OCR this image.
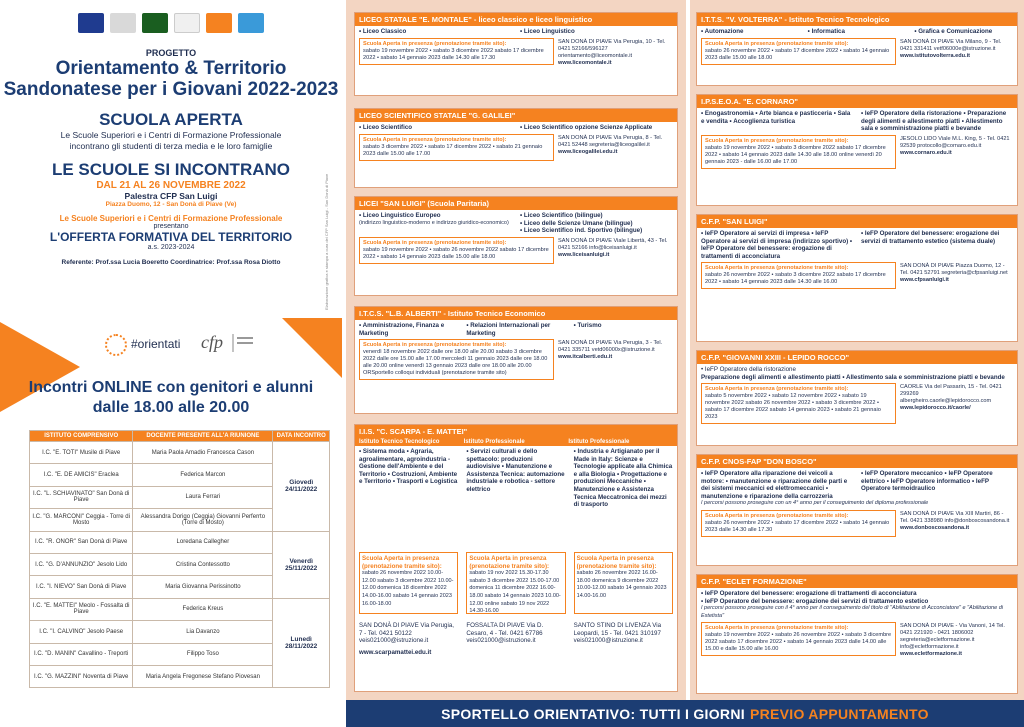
PROGETTO
Orientamento & Territorio
Sandonatese per i Giovani 2022-2023
SCUOLA APERTA
Le Scuole Superiori e i Centri di Formazione Professionale
incontrano gli studenti di terza media e le loro famiglie
LE SCUOLE SI INCONTRANO
DAL 21 AL 26 NOVEMBRE 2022
Palestra CFP San Luigi
Piazza Duomo, 12 - San Donà di Piave (Ve)
Le Scuole Superiori e i Centri di Formazione Professionale
presentano
L'OFFERTA FORMATIVA DEL TERRITORIO
a.s. 2023-2024
Referente: Prof.ssa Lucia Boeretto Coordinatrice: Prof.ssa Rosa Diotto	Elaborazione grafica e stampa a cura del CFP San Luigi - San Donà di Piave
#orientati cfp
Incontri ONLINE con genitori e alunni
dalle 18.00 alle 20.00
ISTITUTO COMPRENSIVO	DOCENTE PRESENTE ALL'A RIUNIONE	DATA INCONTRO
I.C. "E. TOTI" Musile di Piave	Maria Paola Amadio Francesca Cason	Giovedì 24/11/2022
I.C. "E. DE AMICIS" Eraclea	Federica Marcon	
I.C. "L. SCHIAVINATO" San Donà di Piave	Laura Ferrari	
I.C. "G. MARCONI" Ceggia - Torre di Mosto	Alessandra Dorigo (Ceggia) Giovanni Perferrto (Torre di Mosto)	
I.C. "R. ONOR" San Donà di Piave	Loredana Callegher	Venerdì 25/11/2022
I.C. "G. D'ANNUNZIO" Jesolo Lido	Cristina Contessotto	
I.C. "I. NIEVO" San Donà di Piave	Maria Giovanna Perissinotto	
I.C. "E. MATTEI" Meolo - Fossalta di Piave	Federica Kreus	Lunedì 28/11/2022
I.C. "I. CALVINO" Jesolo Paese	Lia Davanzo	
I.C. "D. MANIN" Cavallino - Treporti	Filippo Toso	
I.C. "G. MAZZINI" Noventa di Piave	Maria Angela Fregonese Stefano Piovesan	
LICEO STATALE "E. MONTALE" - liceo classico e liceo linguistico
• Liceo Classico	• Liceo Linguistico
Scuola Aperta in presenza (prenotazione tramite sito):
sabato 19 novembre 2022 • sabato 3 dicembre 2022 sabato 17 dicembre 2022 • sabato 14 gennaio 2023 dalle 14.30 alle 17.30
SAN DONÀ DI PIAVE Via Perugia, 10 - Tel. 0421 52166/596127 orientamento@liceomontale.it
www.liceomontale.it
LICEO SCIENTIFICO STATALE "G. GALILEI"
• Liceo Scientifico	• Liceo Scientifico opzione Scienze Applicate
Scuola Aperta in presenza (prenotazione tramite sito):
sabato 3 dicembre 2022 • sabato 17 dicembre 2022 • sabato 21 gennaio 2023 dalle 15.00 alle 17.00
SAN DONÀ DI PIAVE Via Perugia, 8 - Tel. 0421 52448 segreteria@liceogalilei.it
www.liceogalilei.edu.it
LICEI "SAN LUIGI" (Scuola Paritaria)
• Liceo Linguistico Europeo
(indirizzo linguistico-moderno e indirizzo giuridico-economico)
• Liceo Scientifico (bilingue)
• Liceo delle Scienze Umane (bilingue)
• Liceo Scientifico ind. Sportivo (bilingue)
Scuola Aperta in presenza (prenotazione tramite sito):
sabato 19 novembre 2022 • sabato 26 novembre 2022 sabato 17 dicembre 2022 • sabato 14 gennaio 2023 dalle 15.00 alle 18.00
SAN DONÀ DI PIAVE Viale Libertà, 43 - Tel. 0421 52166 info@liceisanluigi.it
www.liceisanluigi.it
I.T.C.S. "L.B. ALBERTI" - Istituto Tecnico Economico
• Amministrazione, Finanza e Marketing
• Relazioni Internazionali per Marketing
• Turismo
Scuola Aperta in presenza (prenotazione tramite sito):
venerdì 18 novembre 2022 dalle ore 18.00 alle 20.00 sabato 3 dicembre 2022 dalle ore 15.00 alle 17.00 mercoledì 11 gennaio 2023 dalle ore 18.00 alle 20.00 online venerdì 13 gennaio 2023 dalle ore 18.00 alle 20.00 ORSportello colloqui individuali (prenotazione tramite sito)
SAN DONÀ DI PIAVE Via Perugia, 3 - Tel. 0421 335711 vetd06000x@istruzione.it
www.itcalberti.edu.it
I.I.S. "C. SCARPA - E. MATTEI"
Istituto Tecnico Tecnologico	Istituto Professionale	Istituto Professionale
• Sistema moda • Agraria, agroalimentare, agroindustria - Gestione dell'Ambiente e del Territorio • Costruzioni, Ambiente e Territorio • Trasporti e Logistica
• Servizi culturali e dello spettacolo: produzioni audiovisive • Manutenzione e Assistenza Tecnica: automazione industriale e robotica - settore elettrico
• Industria e Artigianato per il Made in Italy: Scienze e Tecnologie applicate alla Chimica e alla Biologia • Progettazione e produzioni Meccaniche • Manutenzione e Assistenza Tecnica Meccatronica dei mezzi di trasporto
Scuola Aperta in presenza (prenotazione tramite sito):
sabato 26 novembre 2022 10.00-12.00 sabato 3 dicembre 2022 10.00-12.00 domenica 18 dicembre 2022 14.00-16.00 sabato 14 gennaio 2023 16.00-18.00
Scuola Aperta in presenza (prenotazione tramite sito):
sabato 19 nov 2022 15.30-17.30 sabato 3 dicembre 2022 15.00-17.00 domenica 11 dicembre 2022 16.00-18.00 sabato 14 gennaio 2023 10.00-12.00 online sabato 19 nov 2022 14.30-16.00
Scuola Aperta in presenza (prenotazione tramite sito):
sabato 26 novembre 2022 16.00-18.00 domenica 9 dicembre 2022 10.00-12.00 sabato 14 gennaio 2023 14.00-16.00
SAN DONÀ DI PIAVE Via Perugia, 7 - Tel. 0421 50122 veis021000@istruzione.it
FOSSALTA DI PIAVE Via D. Cesaro, 4 - Tel. 0421 67786 veis021000@istruzione.it
SANTO STINO DI LIVENZA Via Leopardi, 15 - Tel. 0421 310197 veis021000@istruzione.it
www.scarpamattei.edu.it
I.T.T.S. "V. VOLTERRA" - Istituto Tecnico Tecnologico
• Automazione	• Informatica	• Grafica e Comunicazione
Scuola Aperta in presenza (prenotazione tramite sito):
sabato 26 novembre 2022 • sabato 17 dicembre 2022 • sabato 14 gennaio 2023 dalle 15.00 alle 18.00
SAN DONÀ DI PIAVE Via Milano, 9 - Tel. 0421 331411 vetf06000e@istruzione.it
www.istitutovolterra.edu.it
I.P.S.E.O.A. "E. CORNARO"
• Enogastronomia • Arte bianca e pasticceria • Sala e vendita • Accoglienza turistica
• IeFP Operatore della ristorazione • Preparazione degli alimenti e allestimento piatti • Allestimento sala e somministrazione piatti e bevande
Scuola Aperta in presenza (prenotazione tramite sito):
sabato 19 novembre 2022 • sabato 3 dicembre 2022 sabato 17 dicembre 2022 • sabato 14 gennaio 2023 dalle 14.30 alle 18.00 online venerdì 20 gennaio 2023 - dalle 16.00 alle 17.00
JESOLO LIDO Viale M.L. King, 5 - Tel. 0421 92539 protocollo@cornaro.edu.it
www.cornaro.edu.it
C.F.P. "SAN LUIGI"
• IeFP Operatore ai servizi di impresa • IeFP Operatore ai servizi di impresa (indirizzo sportivo) • IeFP Operatore del benessere: erogazione di trattamenti di acconciatura
• IeFP Operatore del benessere: erogazione dei servizi di trattamento estetico (sistema duale)
Scuola Aperta in presenza (prenotazione tramite sito):
sabato 26 novembre 2022 • sabato 3 dicembre 2022 sabato 17 dicembre 2022 • sabato 14 gennaio 2023 dalle 14.30 alle 16.00
SAN DONÀ DI PIAVE Piazza Duomo, 12 - Tel. 0421 52791 segreteria@cfpsanluigi.net
www.cfpsanluigi.it
C.F.P. "GIOVANNI XXIII - LEPIDO ROCCO"
• IeFP Operatore della ristorazione
Preparazione degli alimenti e allestimento piatti • Allestimento sala e somministrazione piatti e bevande
Scuola Aperta in presenza (prenotazione tramite sito):
sabato 5 novembre 2022 • sabato 12 novembre 2022 • sabato 19 novembre 2022 sabato 26 novembre 2022 • sabato 3 dicembre 2022 • sabato 17 dicembre 2022 sabato 14 gennaio 2023 • sabato 21 gennaio 2023
CAORLE Via del Passarin, 15 - Tel. 0421 299269 albergheiro.caorle@lepidorocco.com
www.lepidorocco.it/caorle/
C.F.P. CNOS-FAP "DON BOSCO"
• IeFP Operatore alla riparazione dei veicoli a motore: • manutenzione e riparazione delle parti e dei sistemi meccanici ed elettromeccanici • manutenzione e riparazione della carrozzeria
• IeFP Operatore meccanico • IeFP Operatore elettrico • IeFP Operatore informatico • IeFP Operatore termoidraulico
I percorsi possono proseguire con un 4° anno per il conseguimento del diploma professionale
Scuola Aperta in presenza (prenotazione tramite sito):
sabato 26 novembre 2022 • sabato 17 dicembre 2022 • sabato 14 gennaio 2023 dalle 14.30 alle 17.30
SAN DONÀ DI PIAVE Via XIII Martiri, 86 - Tel. 0421 338980 info@donboscosandona.it
www.donboscosandona.it
C.F.P. "ECLET FORMAZIONE"
• IeFP Operatore del benessere: erogazione di trattamenti di acconciatura
• IeFP Operatore del benessere: erogazione dei servizi di trattamento estetico
I percorsi possono proseguire con il 4° anno per il conseguimento del titolo di "Abilitazione di Acconciatore" e "Abilitazione di Estetista"
Scuola Aperta in presenza (prenotazione tramite sito):
sabato 19 novembre 2022 • sabato 26 novembre 2022 • sabato 3 dicembre 2022 sabato 17 dicembre 2022 • sabato 14 gennaio 2023 dalle 14.00 alle 15.00 e dalle 15.00 alle 16.00
SAN DONÀ DI PIAVE - Via Vanoni, 14 Tel. 0421 221920 - 0421 1806002 segreteria@ecletformazione.it info@ecletformazione.it
www.ecletformazione.it
SPORTELLO ORIENTATIVO: TUTTI I GIORNI PREVIO APPUNTAMENTO
